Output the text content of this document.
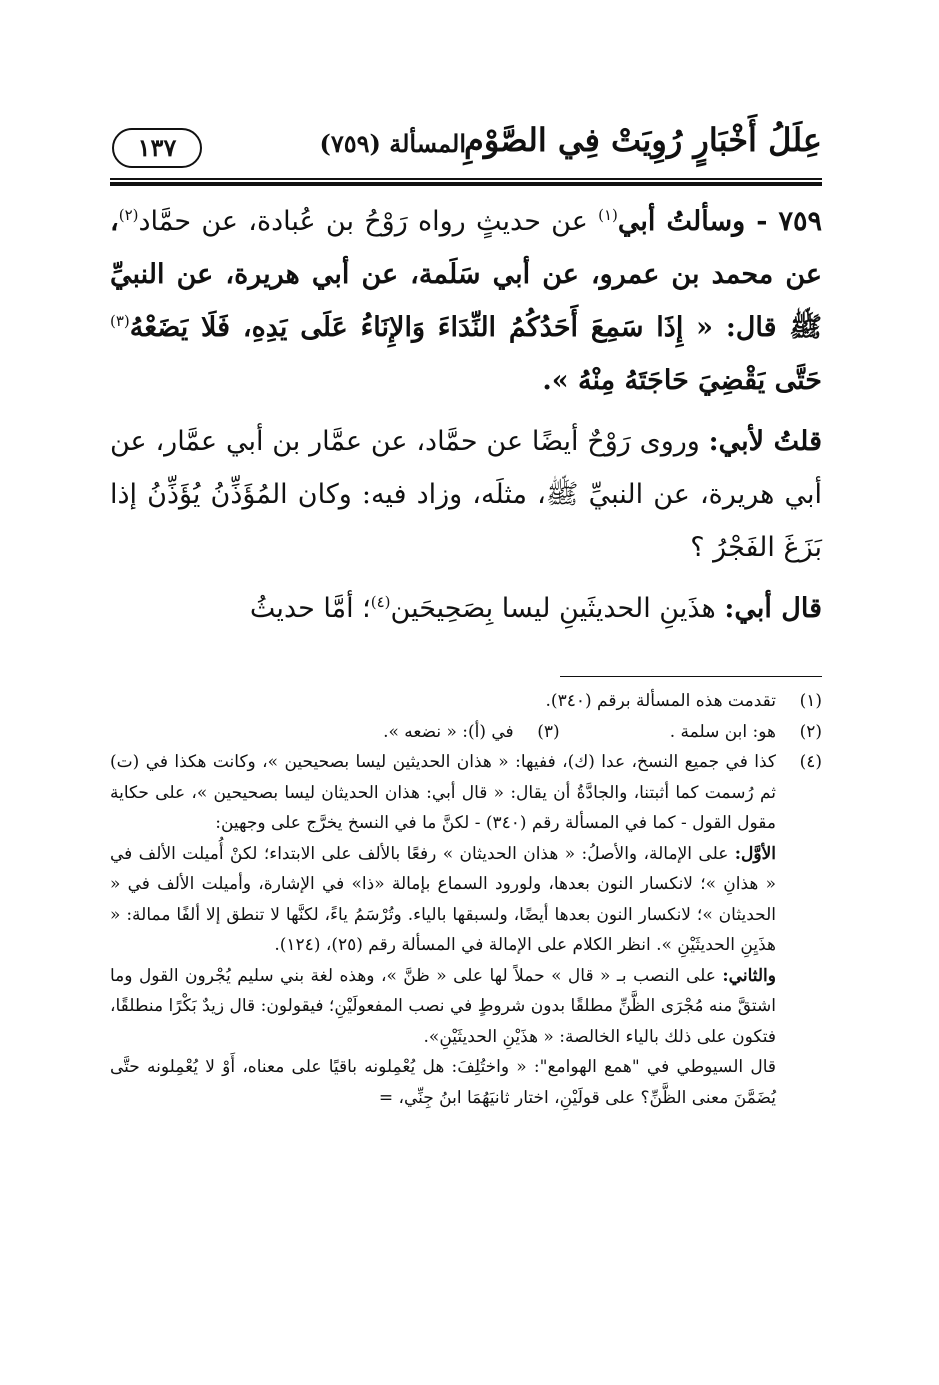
عِلَلُ أَخْبَارٍ رُوِيَتْ فِي الصَّوْمِ
المسألة (٧٥٩)
١٣٧

٧٥٩ - وسألتُ أبي$^{(١)}$ عن حديثٍ رواه رَوْحُ بن عُبادة، عن حمَّاد$^{(٢)}$، عن محمد بن عمرو، عن أبي سَلَمة، عن أبي هريرة، عن النبيِّ ﷺ قال: « إِذَا سَمِعَ أَحَدُكُمُ النِّدَاءَ وَالإِنَاءُ عَلَى يَدِهِ، فَلَا يَضَعْهُ$^{(٣)}$ حَتَّى يَقْضِيَ حَاجَتَهُ مِنْهُ ».

قلتُ لأبي: وروى رَوْحٌ أيضًا عن حمَّاد، عن عمَّار بن أبي عمَّار، عن أبي هريرة، عن النبيِّ ﷺ، مثلَه، وزاد فيه: وكان المُؤَذِّنُ يُؤَذِّنُ إذا بَزَغَ الفَجْرُ ؟

قال أبي: هذَينِ الحديثَينِ ليسا بِصَحِيحَين$^{(٤)}$؛ أمَّا حديثُ

(١)
تقدمت هذه المسألة برقم (٣٤٠).
(٢)
هو: ابن سلمة .
(٣)
في (أ): « نضعه ».
(٤)
كذا في جميع النسخ، عدا (ك)، ففيها: « هذان الحديثين ليسا بصحيحين »، وكانت هكذا في (ت) ثم رُسمت كما أثبتنا، والجادَّةُ أن يقال: « قال أبي: هذان الحديثان ليسا بصحيحين »، على حكاية مقول القول - كما في المسألة رقم (٣٤٠) - لكنَّ ما في النسخ يخرَّج على وجهين:
الأوَّل: على الإمالة، والأصلُ: « هذان الحديثان » رفعًا بالألف على الابتداء؛ لكنْ أُميلت الألف في « هذانِ »؛ لانكسار النون بعدها، ولورود السماع بإمالة «ذا» في الإشارة، وأميلت الألف في « الحديثان »؛ لانكسار النون بعدها أيضًا، ولسبقها بالياء. وتُرْسَمُ ياءً، لكنَّها لا تنطق إلا ألفًا ممالة: « هذَيِنِ الحديثَيْنِ ». انظر الكلام على الإمالة في المسألة رقم (٢٥)، (١٢٤).
والثاني: على النصب بـ « قال » حملاً لها على « ظنَّ »، وهذه لغة بني سليم يُجْرون القول وما اشتقَّ منه مُجْرَى الظَّنِّ مطلقًا بدون شروطٍ في نصب المفعولَيْنِ؛ فيقولون: قال زيدٌ بَكْرًا منطلقًا، فتكون على ذلك بالياء الخالصة: « هذَيْنِ الحديثَيْنِ».
قال السيوطي في "همع الهوامع": « واختُلِفَ: هل يُعْمِلونه باقيًا على معناه، أَوْ لا يُعْمِلونه حتَّى يُضَمَّنَ معنى الظَّنِّ؟ على قولَيْنِ، اختار ثانيَهُمَا ابنُ جِنِّي، =
